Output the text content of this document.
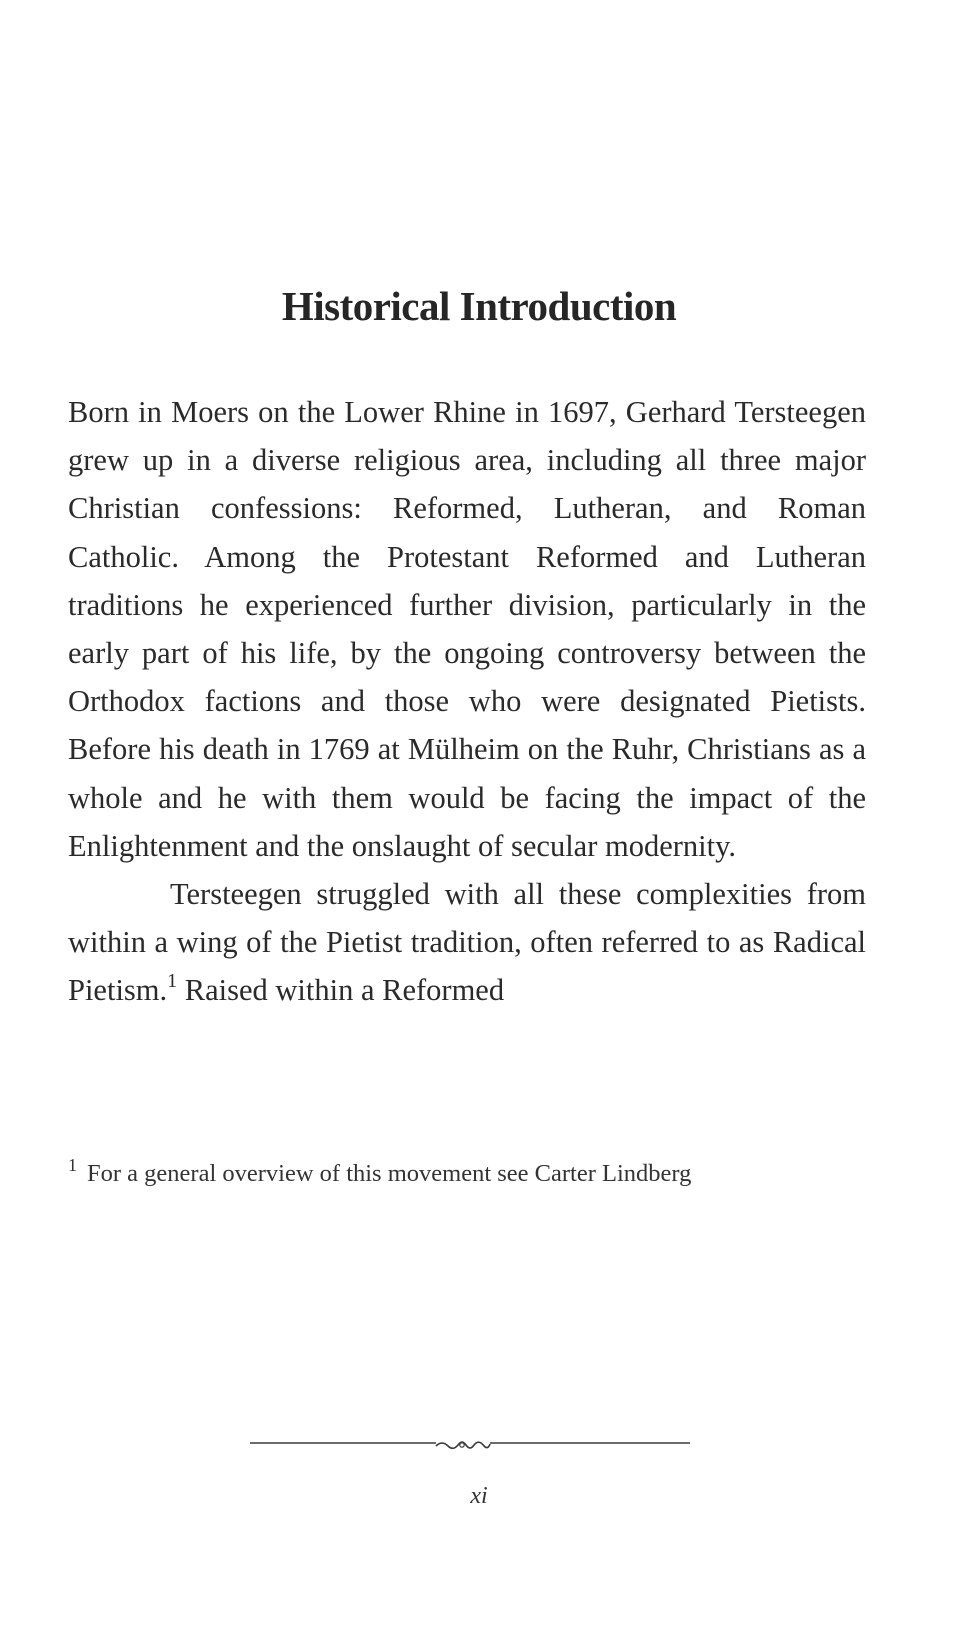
Historical Introduction

Born in Moers on the Lower Rhine in 1697, Gerhard Tersteegen grew up in a diverse religious area, including all three major Christian confessions: Reformed, Lutheran, and Roman Catholic. Among the Protestant Reformed and Lutheran traditions he experienced further division, particularly in the early part of his life, by the ongoing controversy between the Orthodox factions and those who were designated Pietists. Before his death in 1769 at Mülheim on the Ruhr, Christians as a whole and he with them would be facing the impact of the Enlightenment and the onslaught of secular modernity.

Tersteegen struggled with all these complexities from within a wing of the Pietist tradition, often referred to as Radical Pietism.$^1$ Raised within a Reformed

$^1$ For a general overview of this movement see Carter Lindberg

xi
